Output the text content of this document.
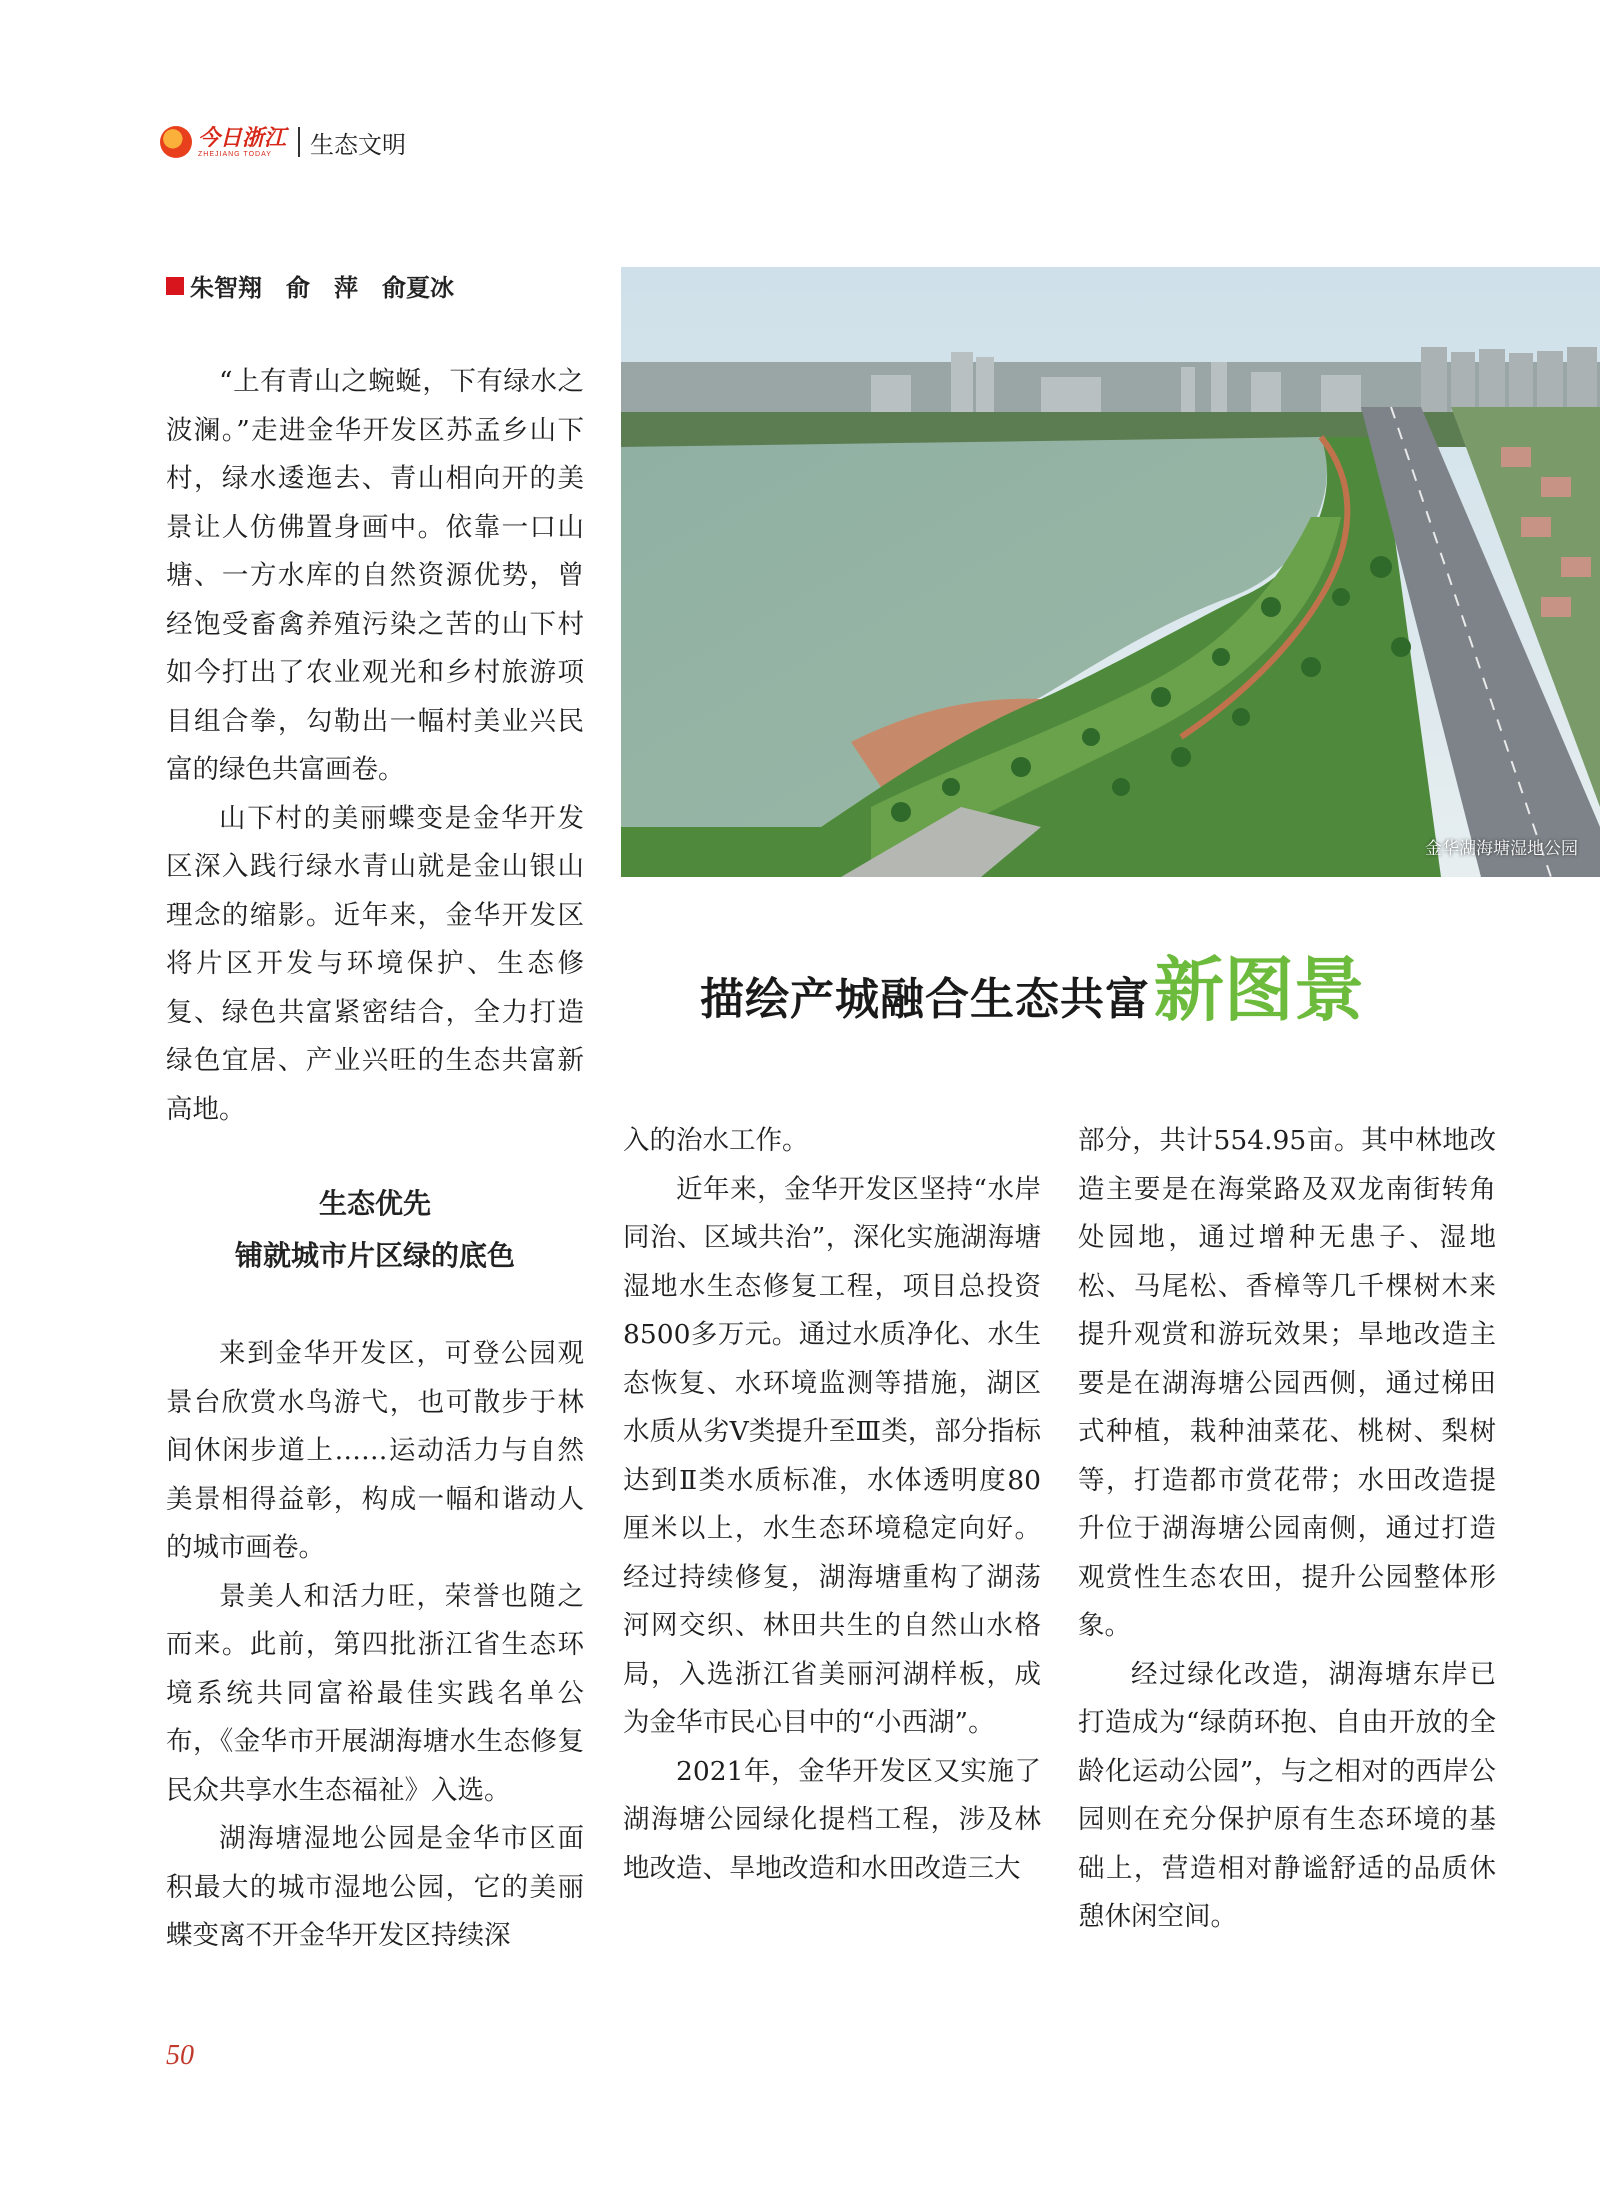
今日浙江
ZHEJIANG TODAY	生态文明
朱智翔　俞　萍　俞夏冰

“上有青山之蜿蜒，下有绿水之波澜。”走进金华开发区苏孟乡山下村，绿水逶迤去、青山相向开的美景让人仿佛置身画中。依靠一口山塘、一方水库的自然资源优势，曾经饱受畜禽养殖污染之苦的山下村如今打出了农业观光和乡村旅游项目组合拳，勾勒出一幅村美业兴民富的绿色共富画卷。

山下村的美丽蝶变是金华开发区深入践行绿水青山就是金山银山理念的缩影。近年来，金华开发区将片区开发与环境保护、生态修复、绿色共富紧密结合，全力打造绿色宜居、产业兴旺的生态共富新高地。

生态优先
铺就城市片区绿的底色

来到金华开发区，可登公园观景台欣赏水鸟游弋，也可散步于林间休闲步道上……运动活力与自然美景相得益彰，构成一幅和谐动人的城市画卷。

景美人和活力旺，荣誉也随之而来。此前，第四批浙江省生态环境系统共同富裕最佳实践名单公布，《金华市开展湖海塘水生态修复民众共享水生态福祉》入选。

湖海塘湿地公园是金华市区面积最大的城市湿地公园，它的美丽蝶变离不开金华开发区持续深

金华湖海塘湿地公园
描绘产城融合生态共富 新图景

入的治水工作。

近年来，金华开发区坚持“水岸同治、区域共治”，深化实施湖海塘湿地水生态修复工程，项目总投资8500多万元。通过水质净化、水生态恢复、水环境监测等措施，湖区水质从劣Ⅴ类提升至Ⅲ类，部分指标达到Ⅱ类水质标准，水体透明度80厘米以上，水生态环境稳定向好。经过持续修复，湖海塘重构了湖荡河网交织、林田共生的自然山水格局，入选浙江省美丽河湖样板，成为金华市民心目中的“小西湖”。

2021年，金华开发区又实施了湖海塘公园绿化提档工程，涉及林地改造、旱地改造和水田改造三大

部分，共计554.95亩。其中林地改造主要是在海棠路及双龙南街转角处园地，通过增种无患子、湿地松、马尾松、香樟等几千棵树木来提升观赏和游玩效果；旱地改造主要是在湖海塘公园西侧，通过梯田式种植，栽种油菜花、桃树、梨树等，打造都市赏花带；水田改造提升位于湖海塘公园南侧，通过打造观赏性生态农田，提升公园整体形象。

经过绿化改造，湖海塘东岸已打造成为“绿荫环抱、自由开放的全龄化运动公园”，与之相对的西岸公园则在充分保护原有生态环境的基础上，营造相对静谧舒适的品质休憩休闲空间。

50
